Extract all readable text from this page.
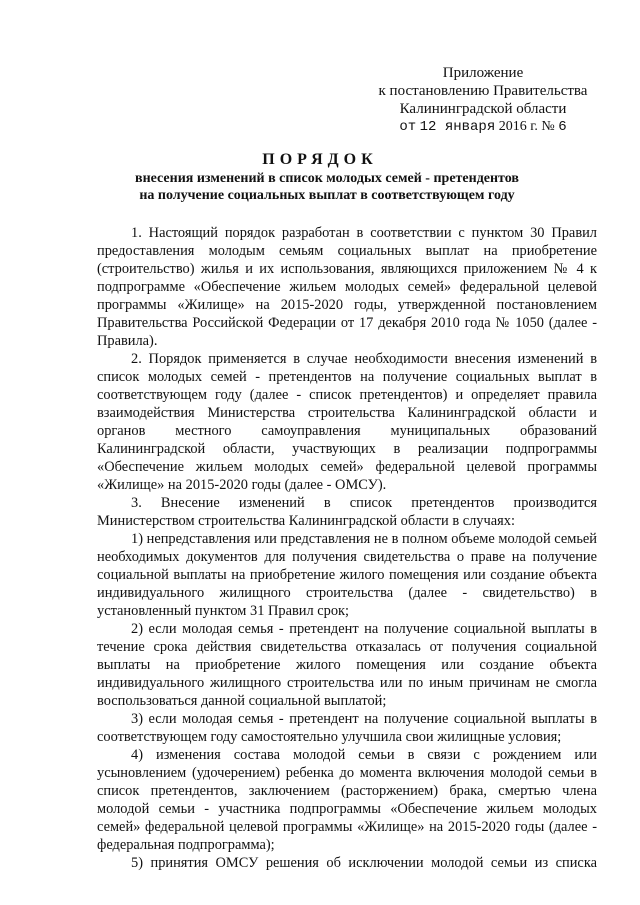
Приложение
к постановлению Правительства
Калининградской области
от 12 января 2016 г. № 6
ПОРЯДОК
внесения изменений в список молодых семей - претендентов
на получение социальных выплат в соответствующем году

1. Настоящий порядок разработан в соответствии с пунктом 30 Правил предоставления молодым семьям социальных выплат на приобретение (строительство) жилья и их использования, являющихся приложением № 4 к подпрограмме «Обеспечение жильем молодых семей» федеральной целевой программы «Жилище» на 2015-2020 годы, утвержденной постановлением Правительства Российской Федерации от 17 декабря 2010 года № 1050 (далее - Правила).

2. Порядок применяется в случае необходимости внесения изменений в список молодых семей - претендентов на получение социальных выплат в соответствующем году (далее - список претендентов) и определяет правила взаимодействия Министерства строительства Калининградской области и органов местного самоуправления муниципальных образований Калининградской области, участвующих в реализации подпрограммы «Обеспечение жильем молодых семей» федеральной целевой программы «Жилище» на 2015-2020 годы (далее - ОМСУ).

3. Внесение изменений в список претендентов производится Министерством строительства Калининградской области в случаях:

1) непредставления или представления не в полном объеме молодой семьей необходимых документов для получения свидетельства о праве на получение социальной выплаты на приобретение жилого помещения или создание объекта индивидуального жилищного строительства (далее - свидетельство) в установленный пунктом 31 Правил срок;

2) если молодая семья - претендент на получение социальной выплаты в течение срока действия свидетельства отказалась от получения социальной выплаты на приобретение жилого помещения или создание объекта индивидуального жилищного строительства или по иным причинам не смогла воспользоваться данной социальной выплатой;

3) если молодая семья - претендент на получение социальной выплаты в соответствующем году самостоятельно улучшила свои жилищные условия;

4) изменения состава молодой семьи в связи с рождением или усыновлением (удочерением) ребенка до момента включения молодой семьи в список претендентов, заключением (расторжением) брака, смертью члена молодой семьи - участника подпрограммы «Обеспечение жильем молодых семей» федеральной целевой программы «Жилище» на 2015-2020 годы (далее - федеральная подпрограмма);

5) принятия ОМСУ решения об исключении молодой семьи из списка
